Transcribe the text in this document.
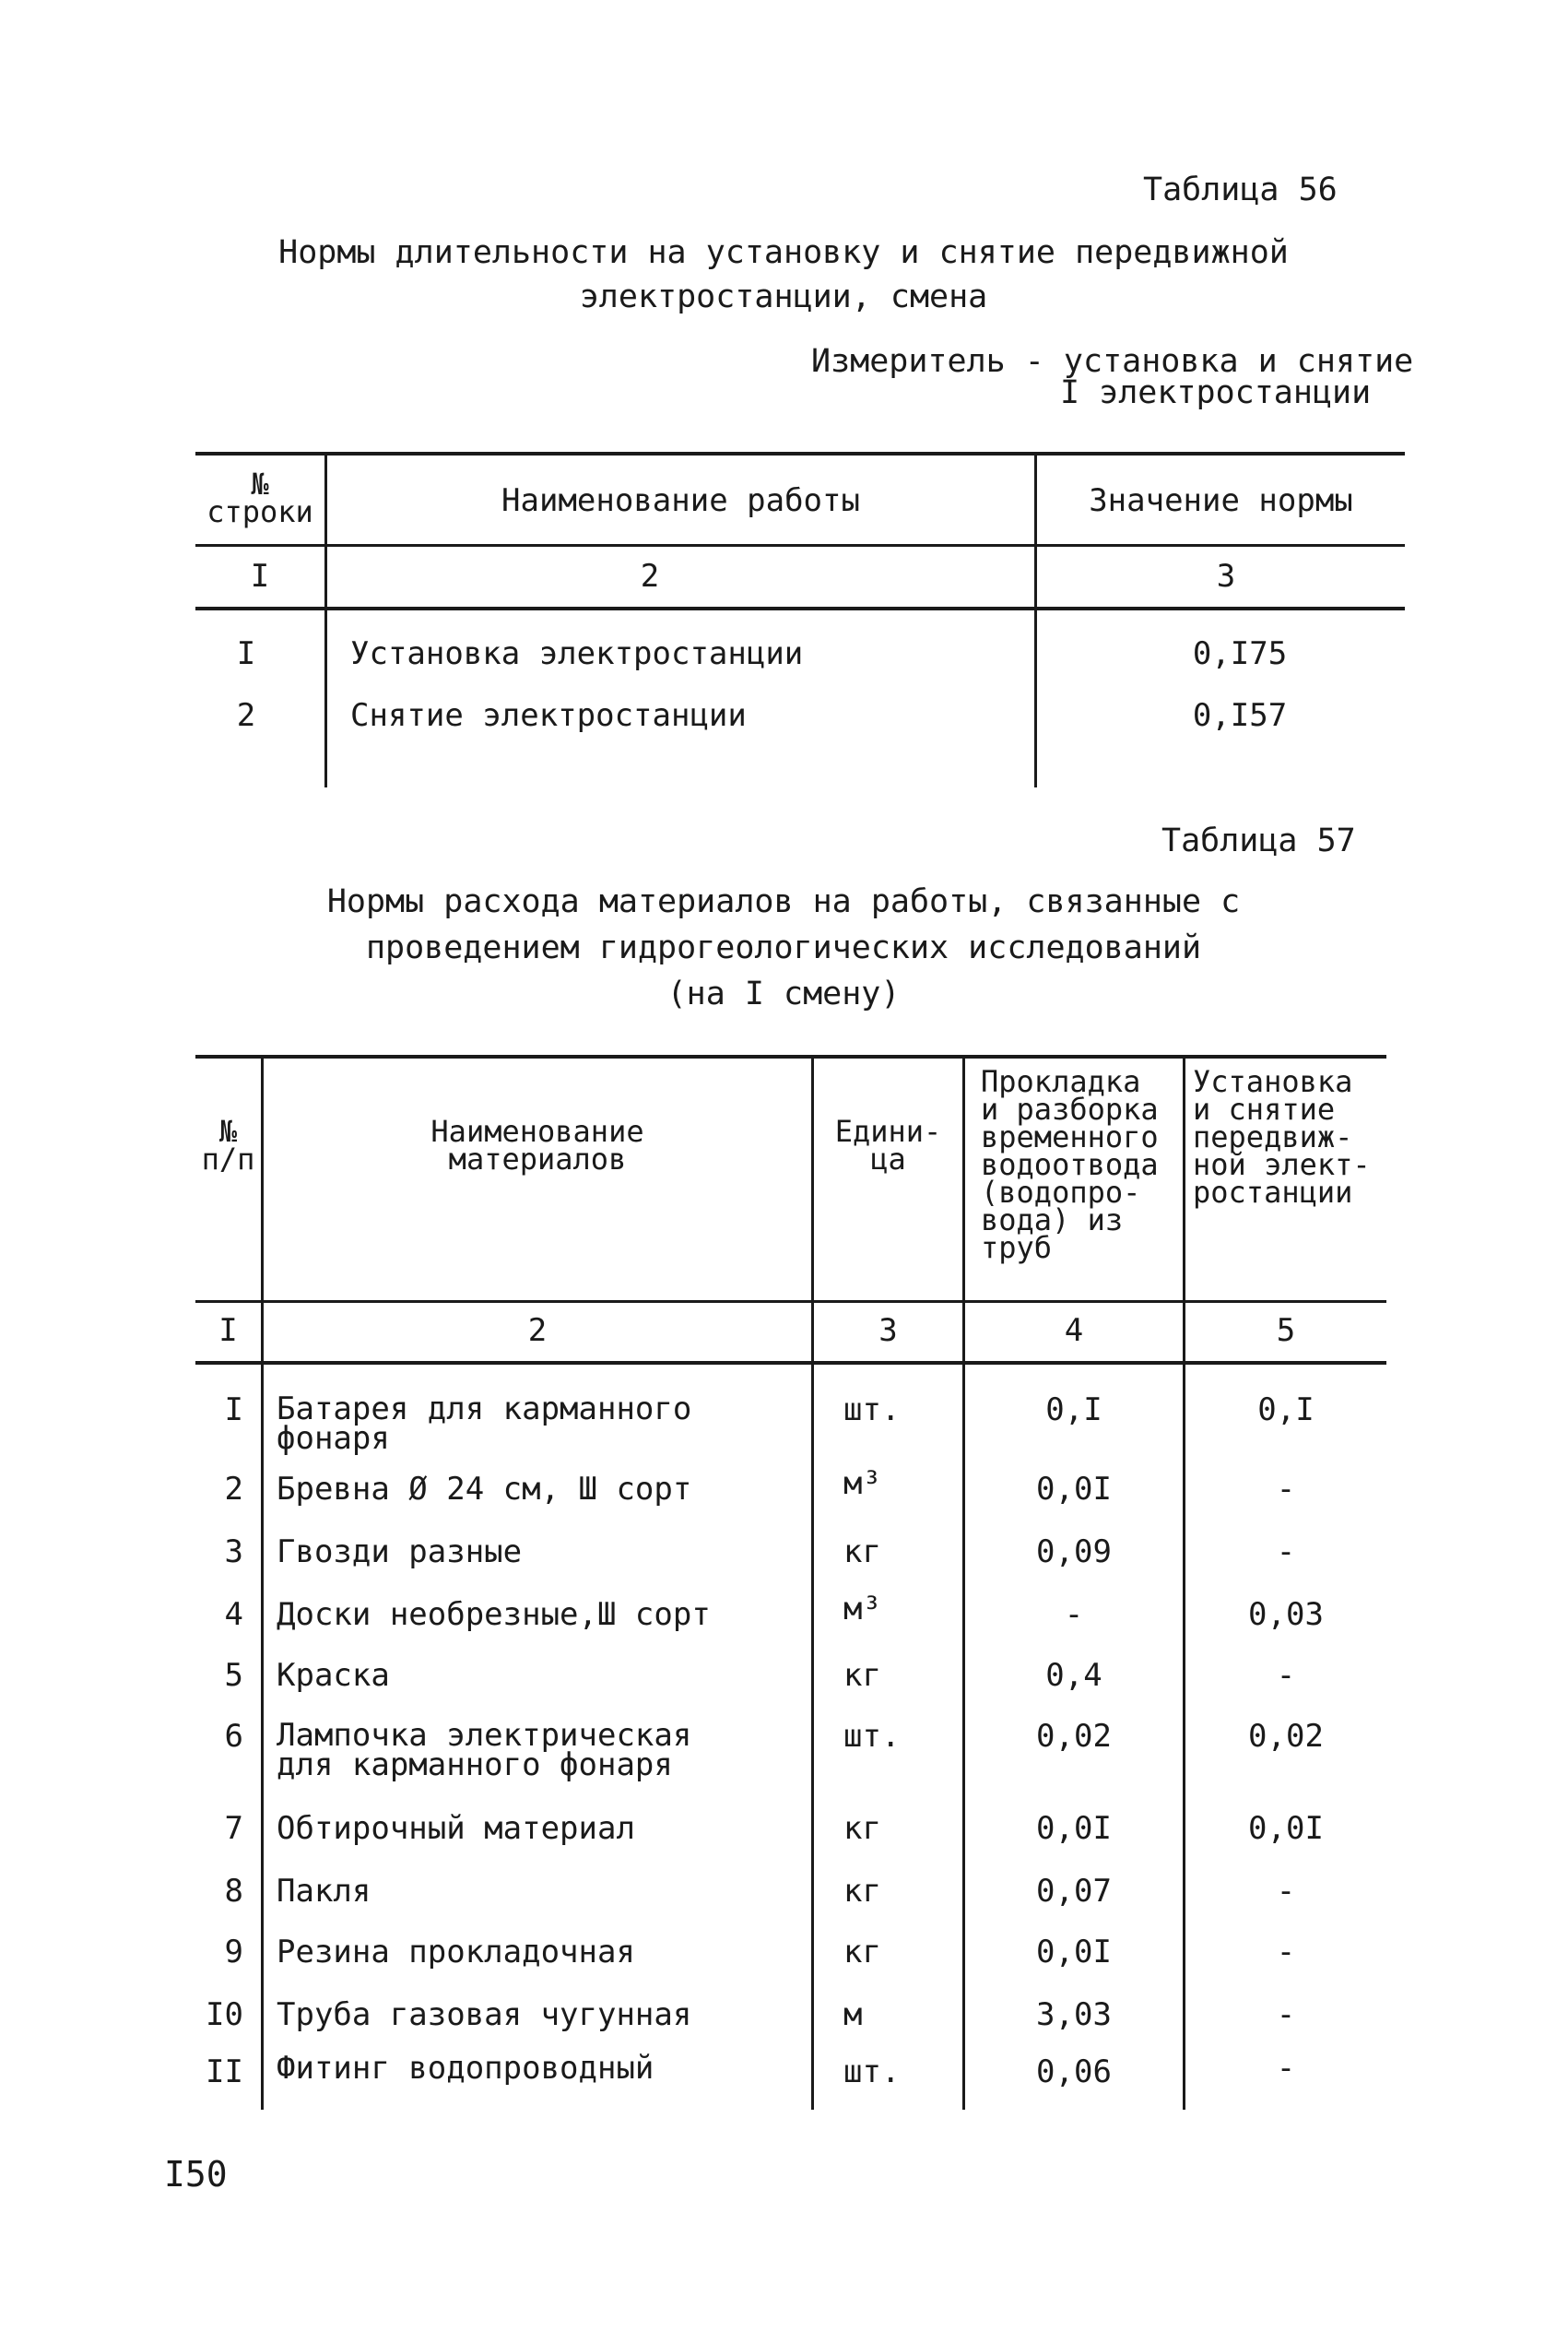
Таблица 56
Нормы длительности на установку и снятие передвижной
электростанции, смена
Измеритель - установка и снятие
I электростанции
№
строки	Наименование работы	Значение нормы
I	2	3
I	Установка электростанции	0,I75
2	Снятие электростанции	0,I57
Таблица 57
Нормы расхода материалов на работы, связанные с
проведением гидрогеологических исследований
(на I смену)
№
п/п
Наименование
материалов
Едини-
ца
Прокладка
и разборка
временного
водоотвода
(водопро-
вода) из
труб
Установка
и снятие
передвиж-
ной элект-
ростанции
I	2	3	4	5
I Батарея для карманного
фонаря
шт.	0,I	0,I
2 Бревна Ø 24 см, Ш сорт	м³	0,0I	-
3 Гвозди разные	кг	0,09	-
4 Доски необрезные,Ш сорт	м³	-	0,03
5 Краска	кг	0,4	-
6 Лампочка электрическая
для карманного фонаря
шт.	0,02	0,02
7 Обтирочный материал	кг	0,0I	0,0I
8 Пакля	кг	0,07	-
9 Резина прокладочная	кг	0,0I	-
I0 Труба газовая чугунная	м	3,03	-
II Фитинг водопроводный	шт.	0,06	-
I50
